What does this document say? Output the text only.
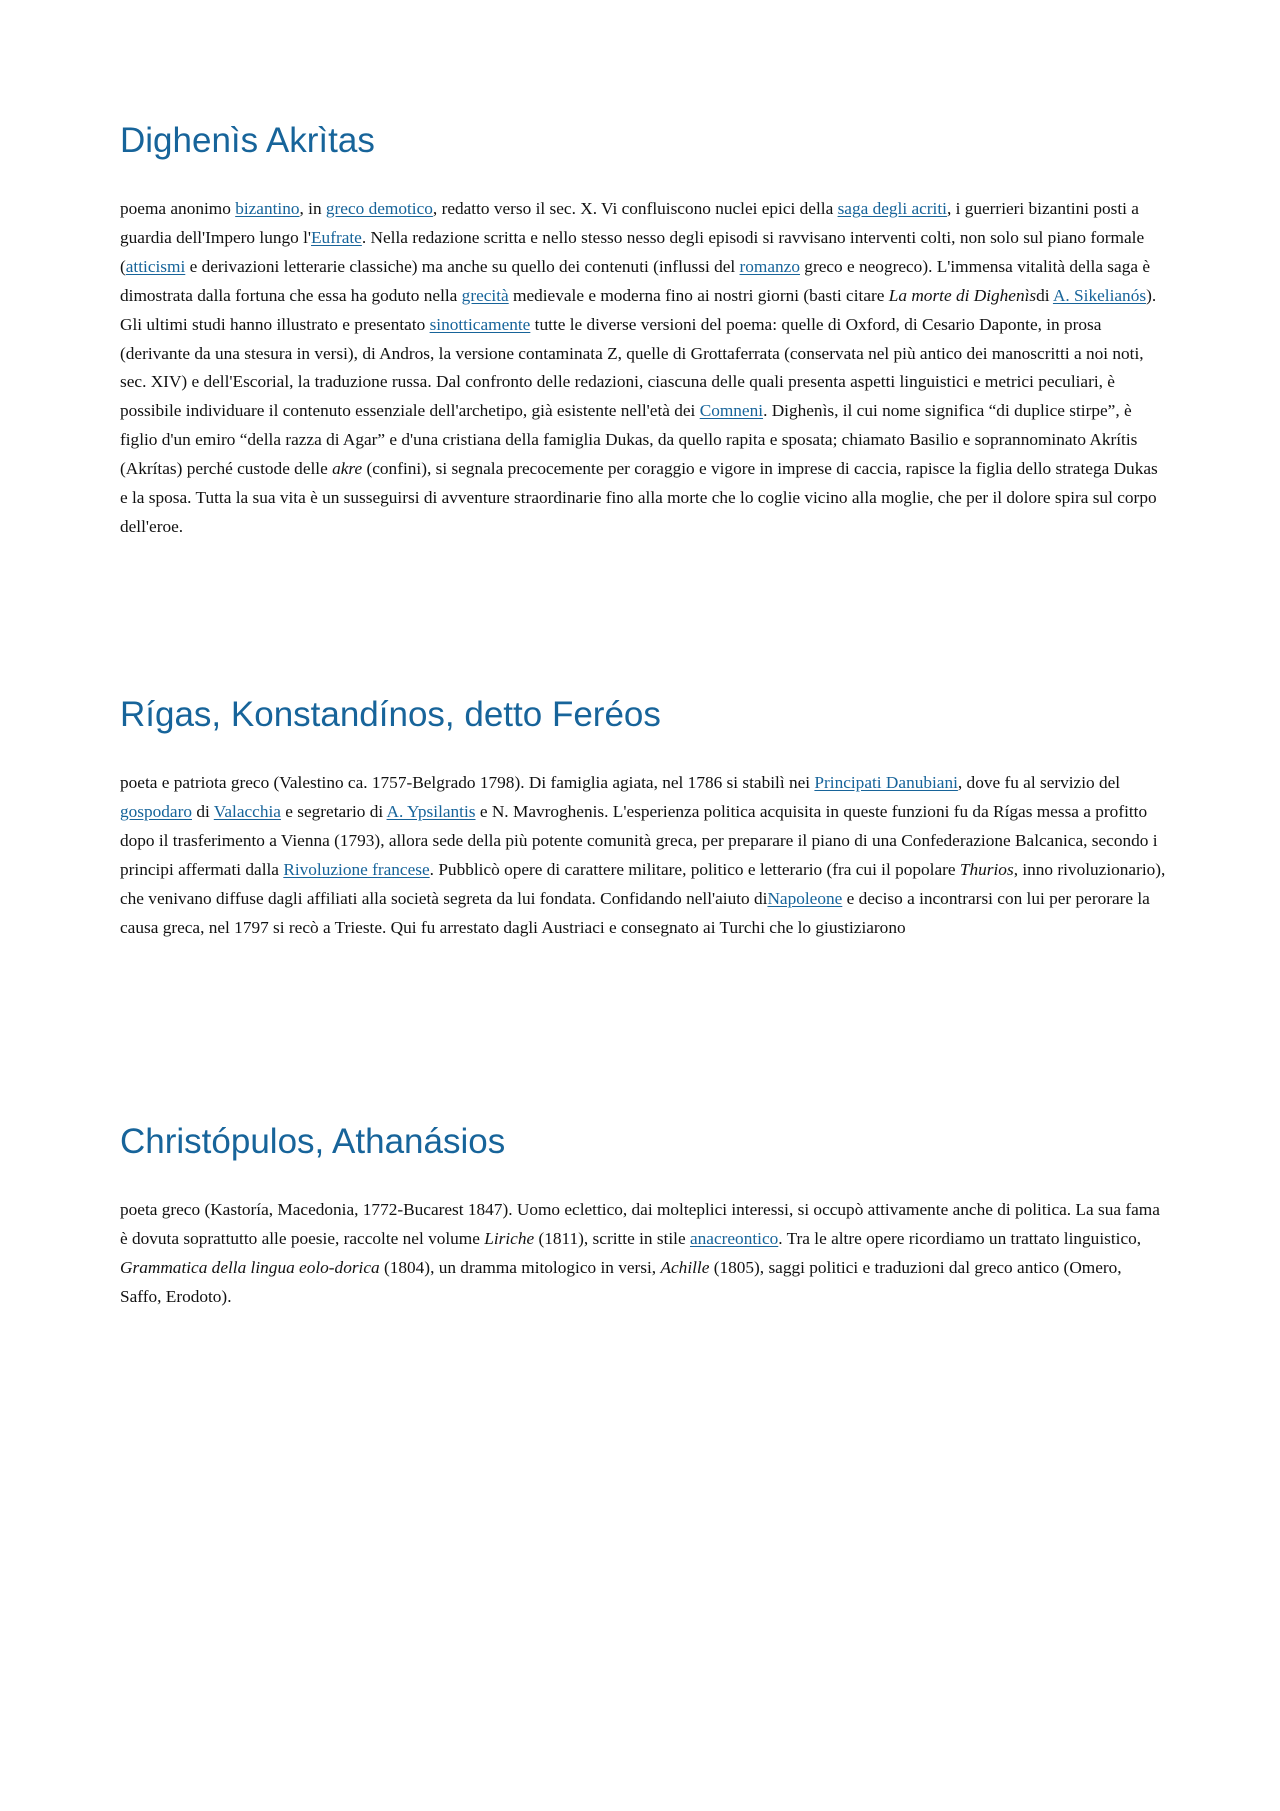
Dighenìs Akrìtas

poema anonimo bizantino, in greco demotico, redatto verso il sec. X. Vi confluiscono nuclei epici della saga degli acriti, i guerrieri bizantini posti a guardia dell'Impero lungo l'Eufrate. Nella redazione scritta e nello stesso nesso degli episodi si ravvisano interventi colti, non solo sul piano formale (atticismi e derivazioni letterarie classiche) ma anche su quello dei contenuti (influssi del romanzo greco e neogreco). L'immensa vitalità della saga è dimostrata dalla fortuna che essa ha goduto nella grecità medievale e moderna fino ai nostri giorni (basti citare La morte di Dighenìsdi A. Sikelianós). Gli ultimi studi hanno illustrato e presentato sinotticamente tutte le diverse versioni del poema: quelle di Oxford, di Cesario Daponte, in prosa (derivante da una stesura in versi), di Andros, la versione contaminata Z, quelle di Grottaferrata (conservata nel più antico dei manoscritti a noi noti, sec. XIV) e dell'Escorial, la traduzione russa. Dal confronto delle redazioni, ciascuna delle quali presenta aspetti linguistici e metrici peculiari, è possibile individuare il contenuto essenziale dell'archetipo, già esistente nell'età dei Comneni. Dighenìs, il cui nome significa “di duplice stirpe”, è figlio d'un emiro “della razza di Agar” e d'una cristiana della famiglia Dukas, da quello rapita e sposata; chiamato Basilio e soprannominato Akrítis (Akrítas) perché custode delle akre (confini), si segnala precocemente per coraggio e vigore in imprese di caccia, rapisce la figlia dello stratega Dukas e la sposa. Tutta la sua vita è un susseguirsi di avventure straordinarie fino alla morte che lo coglie vicino alla moglie, che per il dolore spira sul corpo dell'eroe.

Rígas, Konstandínos, detto Feréos

poeta e patriota greco (Valestino ca. 1757-Belgrado 1798). Di famiglia agiata, nel 1786 si stabilì nei Principati Danubiani, dove fu al servizio del gospodaro di Valacchia e segretario di A. Ypsilantis e N. Mavroghenis. L'esperienza politica acquisita in queste funzioni fu da Rígas messa a profitto dopo il trasferimento a Vienna (1793), allora sede della più potente comunità greca, per preparare il piano di una Confederazione Balcanica, secondo i principi affermati dalla Rivoluzione francese. Pubblicò opere di carattere militare, politico e letterario (fra cui il popolare Thurios, inno rivoluzionario), che venivano diffuse dagli affiliati alla società segreta da lui fondata. Confidando nell'aiuto diNapoleone e deciso a incontrarsi con lui per perorare la causa greca, nel 1797 si recò a Trieste. Qui fu arrestato dagli Austriaci e consegnato ai Turchi che lo giustiziarono

Christópulos, Athanásios

poeta greco (Kastoría, Macedonia, 1772-Bucarest 1847). Uomo eclettico, dai molteplici interessi, si occupò attivamente anche di politica. La sua fama è dovuta soprattutto alle poesie, raccolte nel volume Liriche (1811), scritte in stile anacreontico. Tra le altre opere ricordiamo un trattato linguistico, Grammatica della lingua eolo-dorica (1804), un dramma mitologico in versi, Achille (1805), saggi politici e traduzioni dal greco antico (Omero, Saffo, Erodoto).
